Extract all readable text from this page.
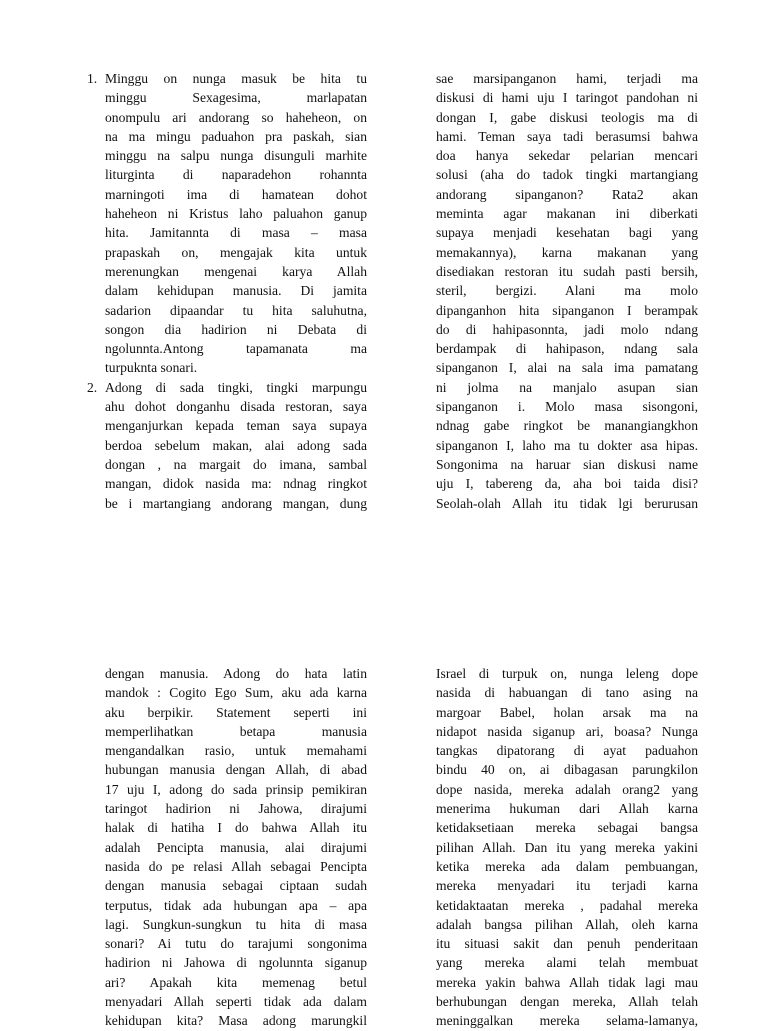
1. Minggu on nunga masuk be hita tu
minggu Sexagesima, marlapatan
onompulu ari andorang so haheheon, on
na ma mingu paduahon pra paskah, sian
minggu na salpu nunga disunguli marhite
liturginta di naparadehon rohannta
marningoti ima di hamatean dohot
haheheon ni Kristus laho paluahon ganup
hita. Jamitannta di masa – masa
prapaskah on, mengajak kita untuk
merenungkan mengenai karya Allah
dalam kehidupan manusia. Di jamita
sadarion dipaandar tu hita saluhutna,
songon dia hadirion ni Debata di
ngolunnta.Antong tapamanata ma
turpuknta sonari.
2. Adong di sada tingki, tingki marpungu
ahu dohot donganhu disada restoran, saya
menganjurkan kepada teman saya supaya
berdoa sebelum makan, alai adong sada
dongan , na margait do imana, sambal
mangan, didok nasida ma: ndnag ringkot
be i martangiang andorang mangan, dung
sae marsipanganon hami, terjadi ma
diskusi di hami uju I taringot pandohan ni
dongan I, gabe diskusi teologis ma di
hami. Teman saya tadi berasumsi bahwa
doa hanya sekedar pelarian mencari
solusi (aha do tadok tingki martangiang
andorang sipanganon? Rata2 akan
meminta agar makanan ini diberkati
supaya menjadi kesehatan bagi yang
memakannya), karna makanan yang
disediakan restoran itu sudah pasti bersih,
steril, bergizi. Alani ma molo
dipanganhon hita sipanganon I berampak
do di hahipasonnta, jadi molo ndang
berdampak di hahipason, ndang sala
sipanganon I, alai na sala ima pamatang
ni jolma na manjalo asupan sian
sipanganon i. Molo masa sisongoni,
ndnag gabe ringkot be manangiangkhon
sipanganon I, laho ma tu dokter asa hipas.
Songonima na haruar sian diskusi name
uju I, tabereng da, aha boi taida disi?
Seolah-olah Allah itu tidak lgi berurusan
dengan manusia. Adong do hata latin
mandok : Cogito Ego Sum, aku ada karna
aku berpikir. Statement seperti ini
memperlihatkan betapa manusia
mengandalkan rasio, untuk memahami
hubungan manusia dengan Allah, di abad
17 uju I, adong do sada prinsip pemikiran
taringot hadirion ni Jahowa, dirajumi
halak di hatiha I do bahwa Allah itu
adalah Pencipta manusia, alai dirajumi
nasida do pe relasi Allah sebagai Pencipta
dengan manusia sebagai ciptaan sudah
terputus, tidak ada hubungan apa – apa
lagi. Sungkun-sungkun tu hita di masa
sonari? Ai tutu do tarajumi songonima
hadirion ni Jahowa di ngolunnta siganup
ari? Apakah kita memenag betul
menyadari Allah seperti tidak ada dalam
kehidupan kita? Masa adong marungkil
Israel di turpuk on, nunga leleng dope
nasida di habuangan di tano asing na
margoar Babel, holan arsak ma na
nidapot nasida siganup ari, boasa? Nunga
tangkas dipatorang di ayat paduahon
bindu 40 on, ai dibagasan parungkilon
dope nasida, mereka adalah orang2 yang
menerima hukuman dari Allah karna
ketidaksetiaan mereka sebagai bangsa
pilihan Allah. Dan itu yang mereka yakini
ketika mereka ada dalam pembuangan,
mereka menyadari itu terjadi karna
ketidaktaatan mereka , padahal mereka
adalah bangsa pilihan Allah, oleh karna
itu situasi sakit dan penuh penderitaan
yang mereka alami telah membuat
mereka yakin bahwa Allah tidak lagi mau
berhubungan dengan mereka, Allah telah
meninggalkan mereka selama-lamanya,
